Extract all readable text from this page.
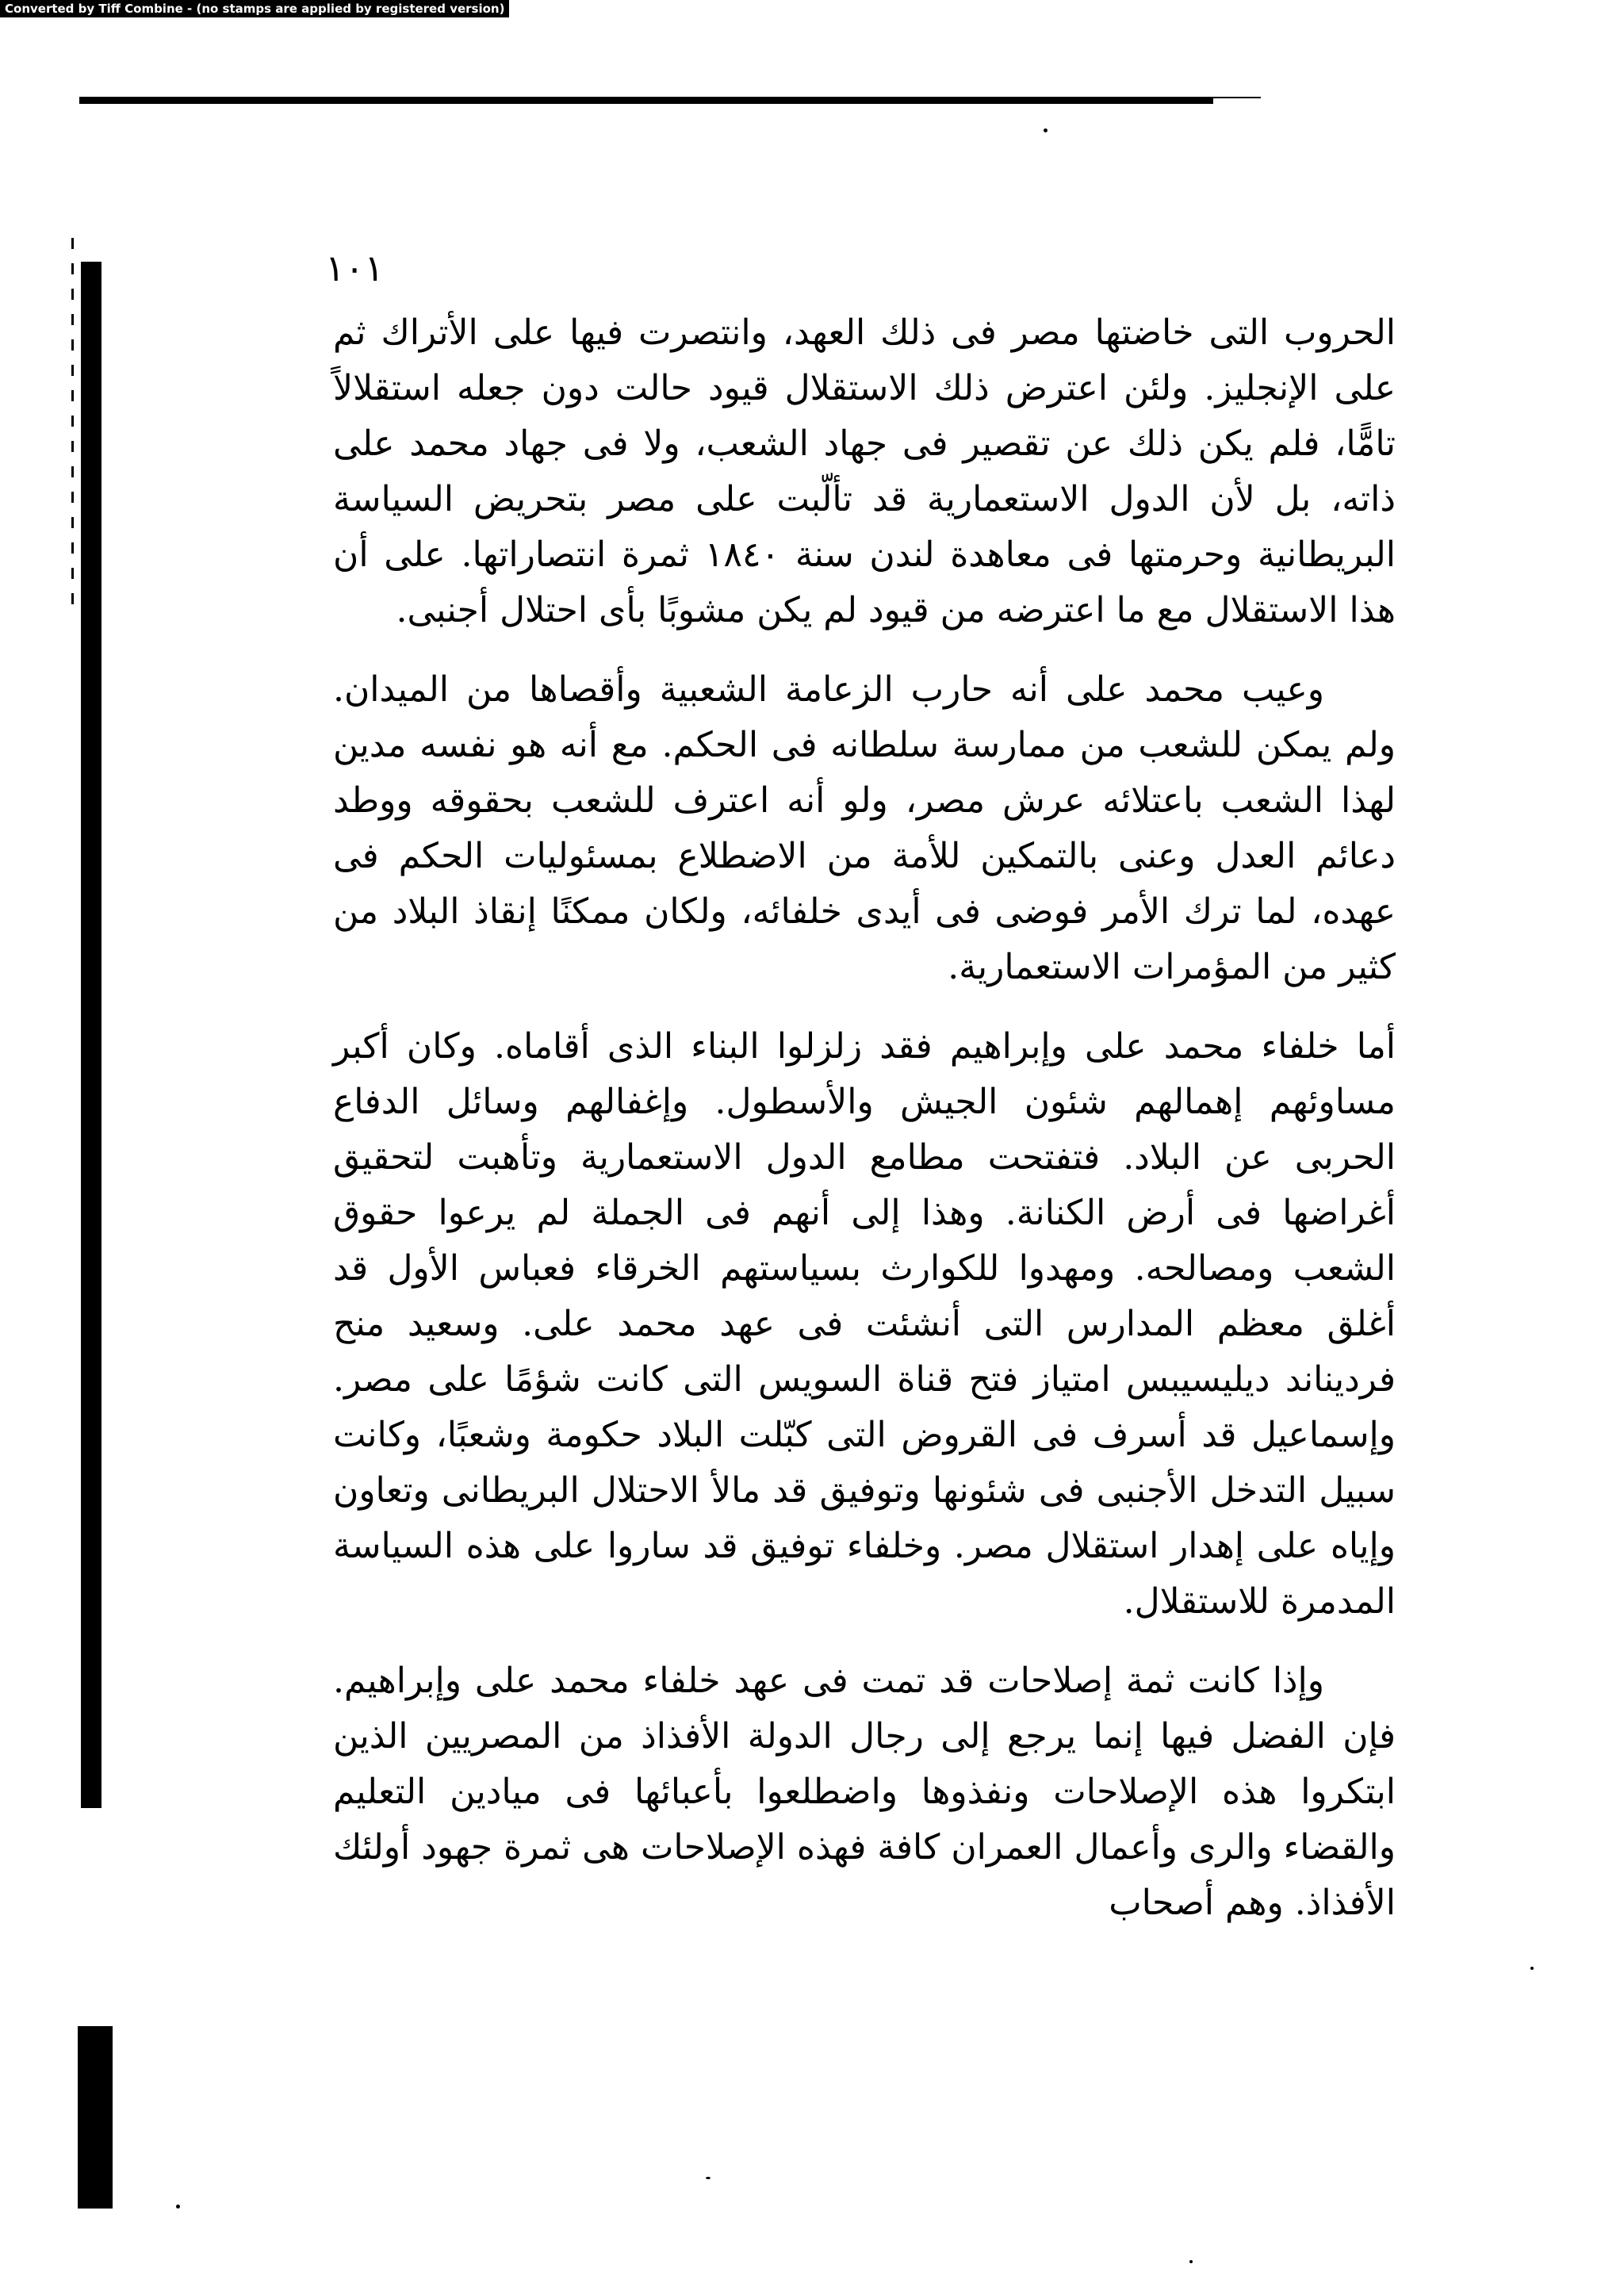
Converted by Tiff Combine - (no stamps are applied by registered version)
١٠١

الحروب التى خاضتها مصر فى ذلك العهد، وانتصرت فيها على الأتراك ثم على الإنجليز. ولئن اعترض ذلك الاستقلال قيود حالت دون جعله استقلالاً تامًّا، فلم يكن ذلك عن تقصير فى جهاد الشعب، ولا فى جهاد محمد على ذاته، بل لأن الدول الاستعمارية قد تألّبت على مصر بتحريض السياسة البريطانية وحرمتها فى معاهدة لندن سنة ١٨٤٠ ثمرة انتصاراتها. على أن هذا الاستقلال مع ما اعترضه من قيود لم يكن مشوبًا بأى احتلال أجنبى.

وعيب محمد على أنه حارب الزعامة الشعبية وأقصاها من الميدان. ولم يمكن للشعب من ممارسة سلطانه فى الحكم. مع أنه هو نفسه مدين لهذا الشعب باعتلائه عرش مصر، ولو أنه اعترف للشعب بحقوقه ووطد دعائم العدل وعنى بالتمكين للأمة من الاضطلاع بمسئوليات الحكم فى عهده، لما ترك الأمر فوضى فى أيدى خلفائه، ولكان ممكنًا إنقاذ البلاد من كثير من المؤمرات الاستعمارية.

أما خلفاء محمد على وإبراهيم فقد زلزلوا البناء الذى أقاماه. وكان أكبر مساوئهم إهمالهم شئون الجيش والأسطول. وإغفالهم وسائل الدفاع الحربى عن البلاد. فتفتحت مطامع الدول الاستعمارية وتأهبت لتحقيق أغراضها فى أرض الكنانة. وهذا إلى أنهم فى الجملة لم يرعوا حقوق الشعب ومصالحه. ومهدوا للكوارث بسياستهم الخرقاء فعباس الأول قد أغلق معظم المدارس التى أنشئت فى عهد محمد على. وسعيد منح فرديناند ديليسيبس امتياز فتح قناة السويس التى كانت شؤمًا على مصر. وإسماعيل قد أسرف فى القروض التى كبّلت البلاد حكومة وشعبًا، وكانت سبيل التدخل الأجنبى فى شئونها وتوفيق قد مالأ الاحتلال البريطانى وتعاون وإياه على إهدار استقلال مصر. وخلفاء توفيق قد ساروا على هذه السياسة المدمرة للاستقلال.

وإذا كانت ثمة إصلاحات قد تمت فى عهد خلفاء محمد على وإبراهيم. فإن الفضل فيها إنما يرجع إلى رجال الدولة الأفذاذ من المصريين الذين ابتكروا هذه الإصلاحات ونفذوها واضطلعوا بأعبائها فى ميادين التعليم والقضاء والرى وأعمال العمران كافة فهذه الإصلاحات هى ثمرة جهود أولئك الأفذاذ. وهم أصحاب
